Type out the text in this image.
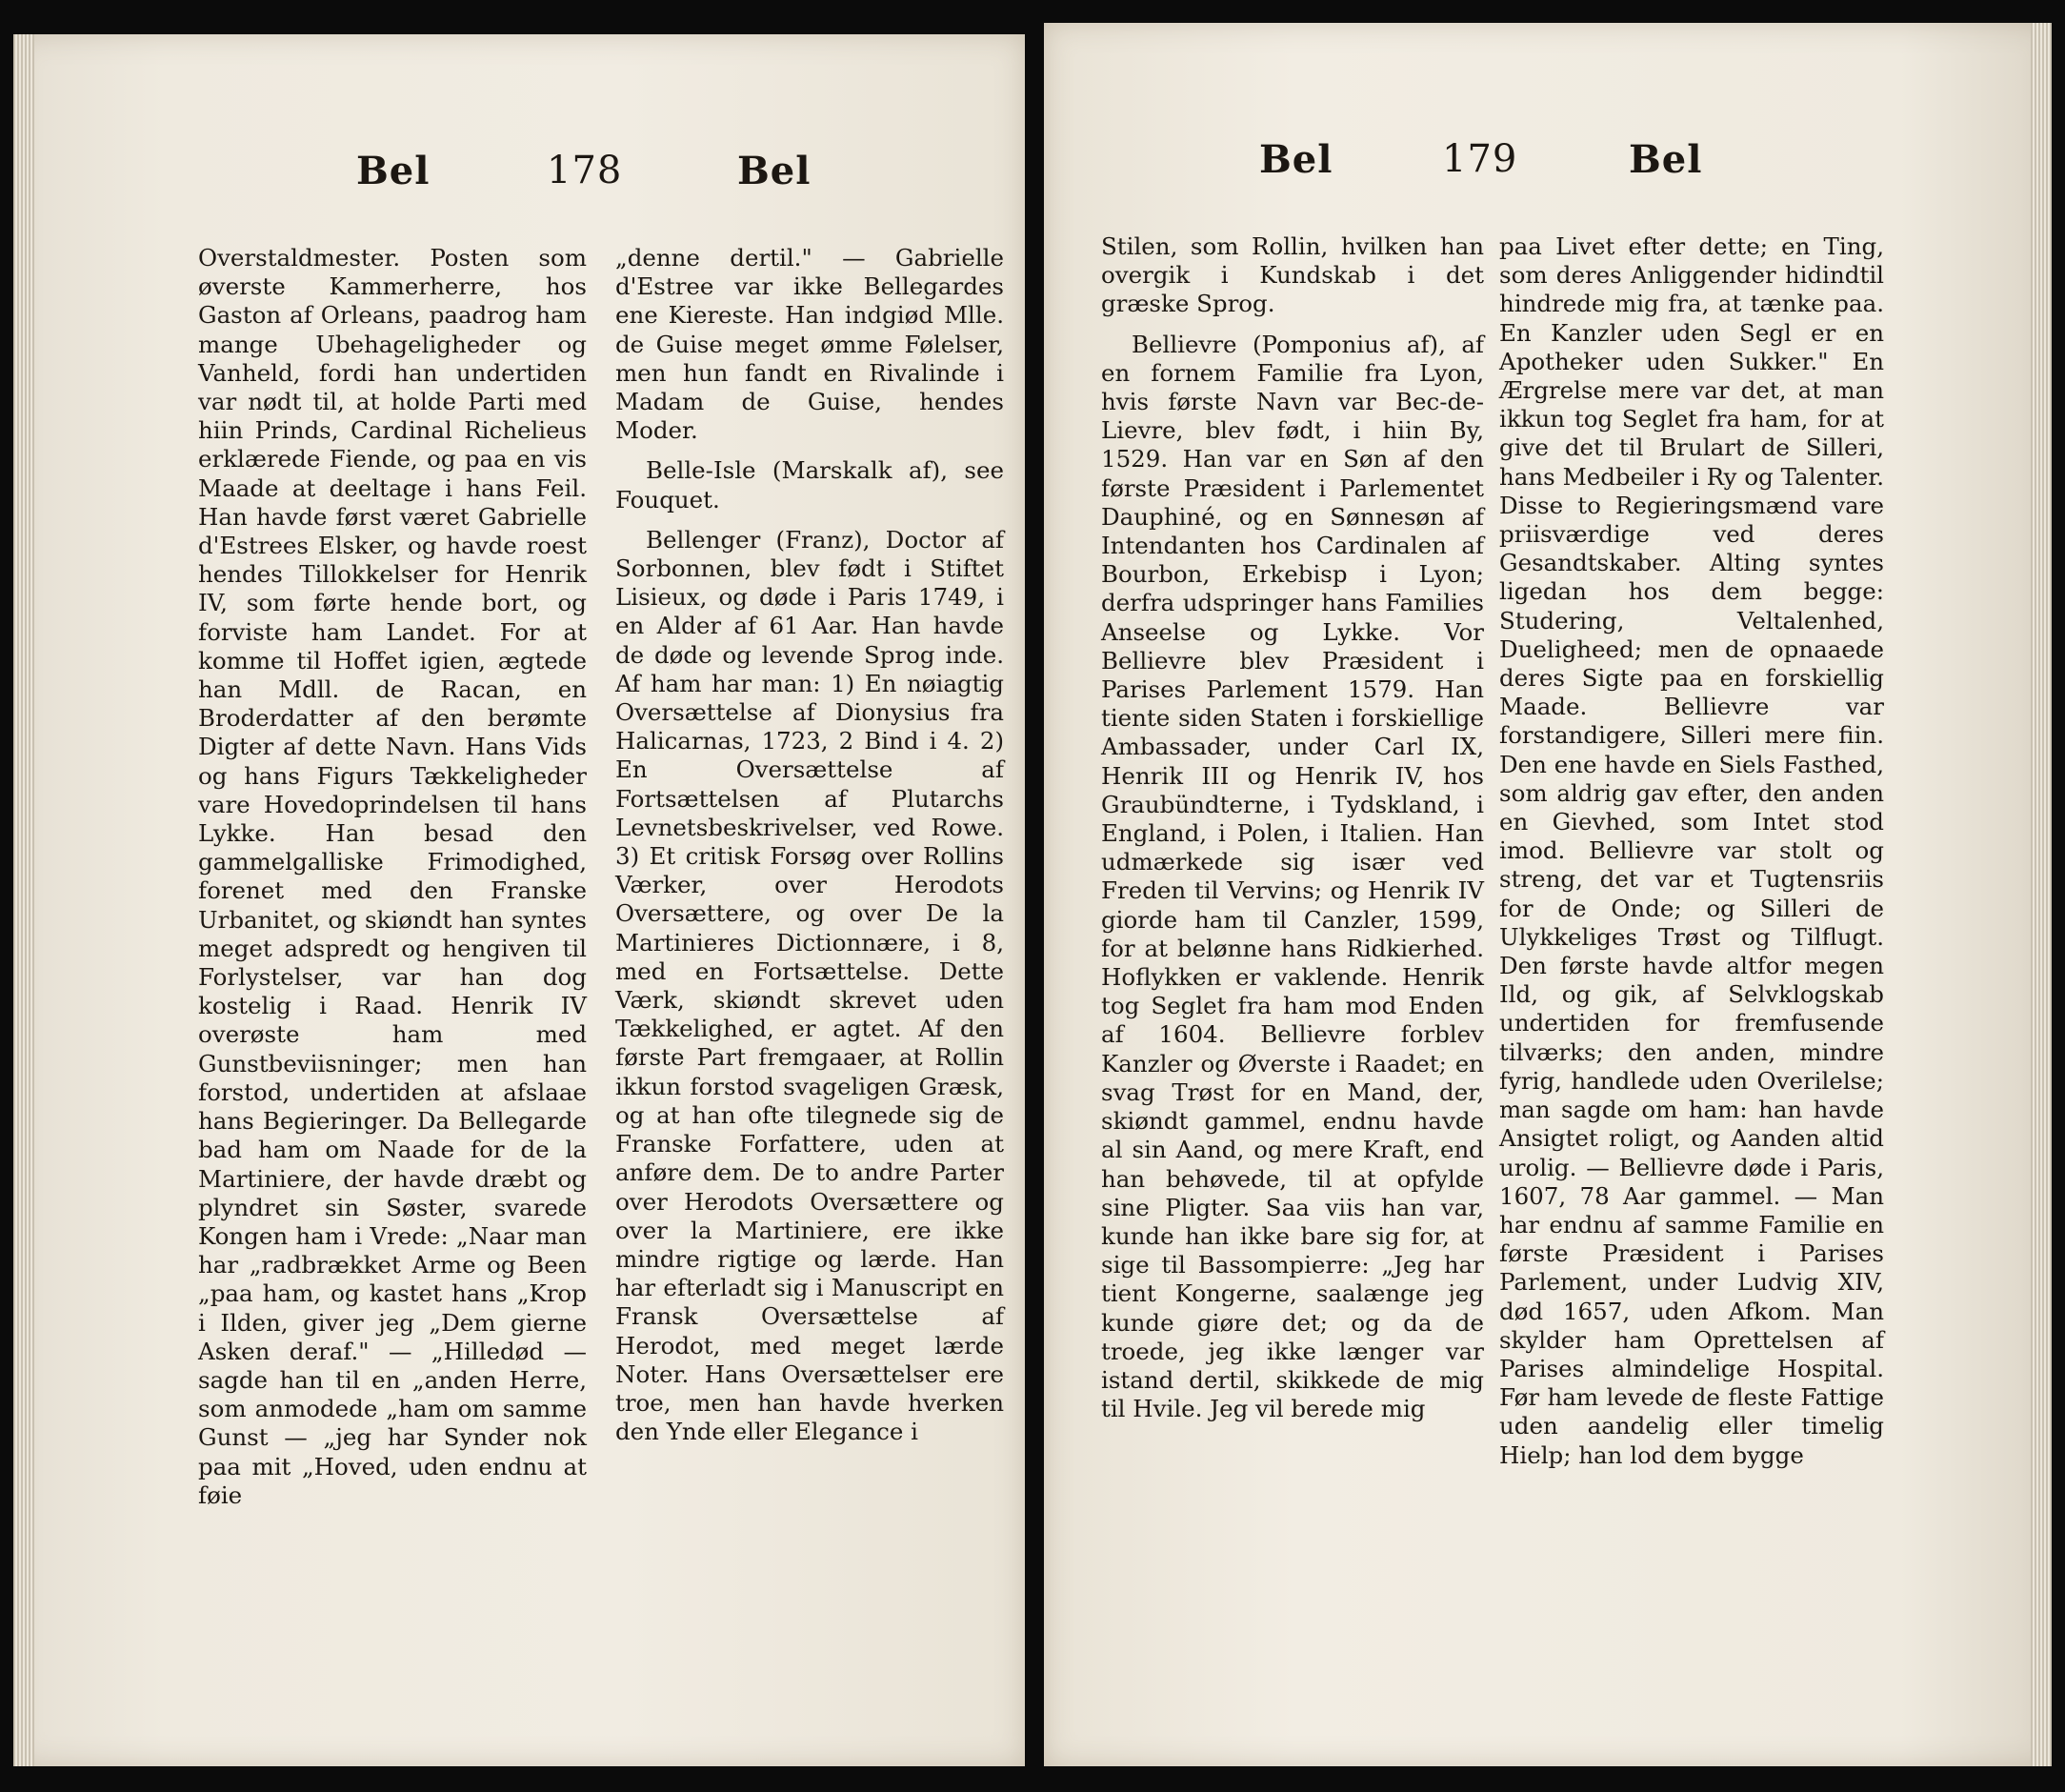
Bel	178	Bel

Overstaldmester. Posten som øverste Kammerherre, hos Gaston af Orleans, paadrog ham mange Ubehageligheder og Vanheld, fordi han undertiden var nødt til, at holde Parti med hiin Prinds, Cardinal Richelieus erklærede Fiende, og paa en vis Maade at deeltage i hans Feil. Han havde først været Gabrielle d'Estrees Elsker, og havde roest hendes Tillokkelser for Henrik IV, som førte hende bort, og forviste ham Landet. For at komme til Hoffet igien, ægtede han Mdll. de Racan, en Broderdatter af den berømte Digter af dette Navn. Hans Vids og hans Figurs Tækkeligheder vare Hovedoprindelsen til hans Lykke. Han besad den gammelgalliske Frimodighed, forenet med den Franske Urbanitet, og skiøndt han syntes meget adspredt og hengiven til Forlystelser, var han dog kostelig i Raad. Henrik IV overøste ham med Gunstbeviisninger; men han forstod, undertiden at afslaae hans Begieringer. Da Bellegarde bad ham om Naade for de la Martiniere, der havde dræbt og plyndret sin Søster, svarede Kongen ham i Vrede: „Naar man har „radbrækket Arme og Been „paa ham, og kastet hans „Krop i Ilden, giver jeg „Dem gierne Asken deraf." — „Hilledød — sagde han til en „anden Herre, som anmodede „ham om samme Gunst — „jeg har Synder nok paa mit „Hoved, uden endnu at føie

„denne dertil." — Gabrielle d'Estree var ikke Bellegardes ene Kiereste. Han indgiød Mlle. de Guise meget ømme Følelser, men hun fandt en Rivalinde i Madam de Guise, hendes Moder.

Belle-Isle (Marskalk af), see Fouquet.

Bellenger (Franz), Doctor af Sorbonnen, blev født i Stiftet Lisieux, og døde i Paris 1749, i en Alder af 61 Aar. Han havde de døde og levende Sprog inde. Af ham har man: 1) En nøiagtig Oversættelse af Dionysius fra Halicarnas, 1723, 2 Bind i 4. 2) En Oversættelse af Fortsættelsen af Plutarchs Levnetsbeskrivelser, ved Rowe. 3) Et critisk Forsøg over Rollins Værker, over Herodots Oversættere, og over De la Martinieres Dictionnære, i 8, med en Fortsættelse. Dette Værk, skiøndt skrevet uden Tækkelighed, er agtet. Af den første Part fremgaaer, at Rollin ikkun forstod svageligen Græsk, og at han ofte tilegnede sig de Franske Forfattere, uden at anføre dem. De to andre Parter over Herodots Oversættere og over la Martiniere, ere ikke mindre rigtige og lærde. Han har efterladt sig i Manuscript en Fransk Oversættelse af Herodot, med meget lærde Noter. Hans Oversættelser ere troe, men han havde hverken den Ynde eller Elegance i

Bel	179	Bel

Stilen, som Rollin, hvilken han overgik i Kundskab i det græske Sprog.

Bellievre (Pomponius af), af en fornem Familie fra Lyon, hvis første Navn var Bec-de-Lievre, blev født, i hiin By, 1529. Han var en Søn af den første Præsident i Parlementet Dauphiné, og en Sønnesøn af Intendanten hos Cardinalen af Bourbon, Erkebisp i Lyon; derfra udspringer hans Familiеs Anseelse og Lykke. Vor Bellievre blev Præsident i Parises Parlement 1579. Han tiente siden Staten i forskiellige Ambassader, under Carl IX, Henrik III og Henrik IV, hos Graubündterne, i Tydskland, i England, i Polen, i Italien. Han udmærkede sig især ved Freden til Vervins; og Henrik IV giorde ham til Canzler, 1599, for at belønne hans Ridkierhed. Hoflykken er vaklende. Henrik tog Seglet fra ham mod Enden af 1604. Bellievre forblev Kanzler og Øverste i Raadet; en svag Trøst for en Mand, der, skiøndt gammel, endnu havde al sin Aand, og mere Kraft, end han behøvede, til at opfylde sine Pligter. Saa viis han var, kunde han ikke bare sig for, at sige til Bassompierre: „Jeg har tient Kongerne, saalænge jeg kunde giøre det; og da de troede, jeg ikke længer var istand dertil, skikkede de mig til Hvile. Jeg vil berede mig

paa Livet efter dette; en Ting, som deres Anliggender hidindtil hindrede mig fra, at tænke paa. En Kanzler uden Segl er en Apotheker uden Sukker." En Ærgrelse mere var det, at man ikkun tog Seglet fra ham, for at give det til Brulart de Silleri, hans Medbeiler i Ry og Talenter. Disse to Regieringsmænd vare priisværdige ved deres Gesandtskaber. Alting syntes ligedan hos dem begge: Studering, Veltalenhed, Dueligheed; men de opnaaede deres Sigte paa en forskiellig Maade. Bellievre var forstandigere, Silleri mere fiin. Den ene havde en Siels Fasthed, som aldrig gav efter, den anden en Gievhed, som Intet stod imod. Bellievre var stolt og streng, det var et Tugtensriis for de Onde; og Silleri de Ulykkeliges Trøst og Tilflugt. Den første havde altfor megen Ild, og gik, af Selvklogskab undertiden for fremfusende tilværks; den anden, mindre fyrig, handlede uden Overilelse; man sagde om ham: han havde Ansigtet roligt, og Aanden altid urolig. — Bellievre døde i Paris, 1607, 78 Aar gammel. — Man har endnu af samme Familie en første Præsident i Parises Parlement, under Ludvig XIV, død 1657, uden Afkom. Man skylder ham Oprettelsen af Parises almindelige Hospital. Før ham levede de fleste Fattige uden aandelig eller timelig Hielp; han lod dem bygge
